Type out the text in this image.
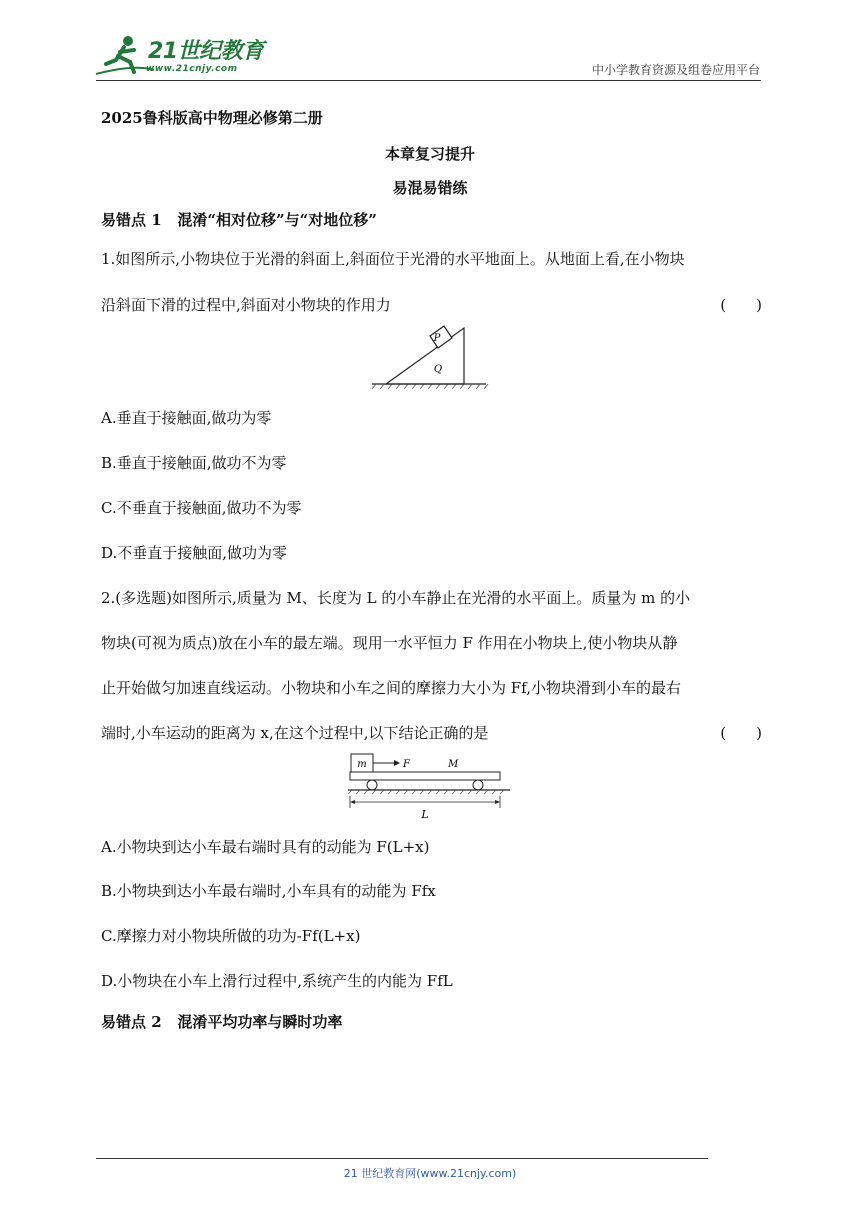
21世纪教育
www.21cnjy.com	中小学教育资源及组卷应用平台
2025鲁科版高中物理必修第二册
本章复习提升
易混易错练
易错点 1 混淆“相对位移”与“对地位移”
1.如图所示,小物块位于光滑的斜面上,斜面位于光滑的水平地面上。从地面上看,在小物块
沿斜面下滑的过程中,斜面对小物块的作用力	(　　)
P
Q
A.垂直于接触面,做功为零
B.垂直于接触面,做功不为零
C.不垂直于接触面,做功不为零
D.不垂直于接触面,做功为零
2.(多选题)如图所示,质量为 M、长度为 L 的小车静止在光滑的水平面上。质量为 m 的小
物块(可视为质点)放在小车的最左端。现用一水平恒力 F 作用在小物块上,使小物块从静
止开始做匀加速直线运动。小物块和小车之间的摩擦力大小为 Ff,小物块滑到小车的最右
端时,小车运动的距离为 x,在这个过程中,以下结论正确的是	(　　)
m	F	M
L
A.小物块到达小车最右端时具有的动能为 F(L+x)
B.小物块到达小车最右端时,小车具有的动能为 Ffx
C.摩擦力对小物块所做的功为-Ff(L+x)
D.小物块在小车上滑行过程中,系统产生的内能为 FfL
易错点 2 混淆平均功率与瞬时功率
21 世纪教育网(www.21cnjy.com)
